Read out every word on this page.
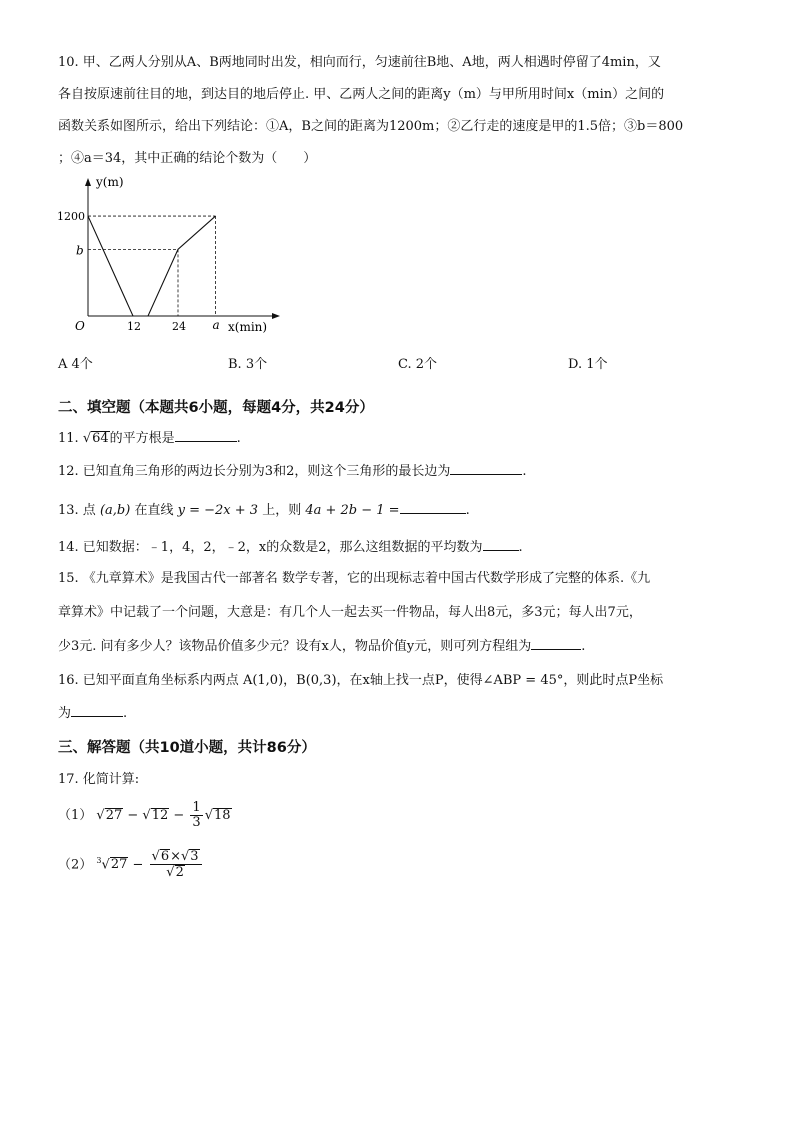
10. 甲、乙两人分别从A、B两地同时出发，相向而行，匀速前往B地、A地，两人相遇时停留了4min，又
各自按原速前往目的地，到达目的地后停止. 甲、乙两人之间的距离y（m）与甲所用时间x（min）之间的
函数关系如图所示，给出下列结论：①A，B之间的距离为1200m；②乙行走的速度是甲的1.5倍；③b＝800
；④a＝34，其中正确的结论个数为（　　）
y(m)
x(min)
1200
b
O	12	24 a
A 4个	B. 3个	C. 2个	D. 1个
二、填空题（本题共6小题，每题4分，共24分）
11. √64的平方根是	.
12. 已知直角三角形的两边长分别为3和2，则这个三角形的最长边为	.
13. 点 (a,b) 在直线 y = −2x + 3 上，则 4a + 2b − 1 =	.
14. 已知数据：﹣1，4，2，﹣2，x的众数是2，那么这组数据的平均数为	.
15. 《九章算术》是我国古代一部著名 数学专著，它的出现标志着中国古代数学形成了完整的体系.《九
章算术》中记载了一个问题，大意是：有几个人一起去买一件物品，每人出8元，多3元；每人出7元，
少3元. 问有多少人？该物品价值多少元？设有x人，物品价值y元，则可列方程组为	.
16. 已知平面直角坐标系内两点 A(1,0)，B(0,3)，在x轴上找一点P，使得∠ABP = 45°，则此时点P坐标
为	.
三、解答题（共10道小题，共计86分）
17. 化简计算:
（1） $√27 - √12 - \frac{1}{3} √18$
（2） $^3√27 - \frac{√6\times√3}{√2}$
